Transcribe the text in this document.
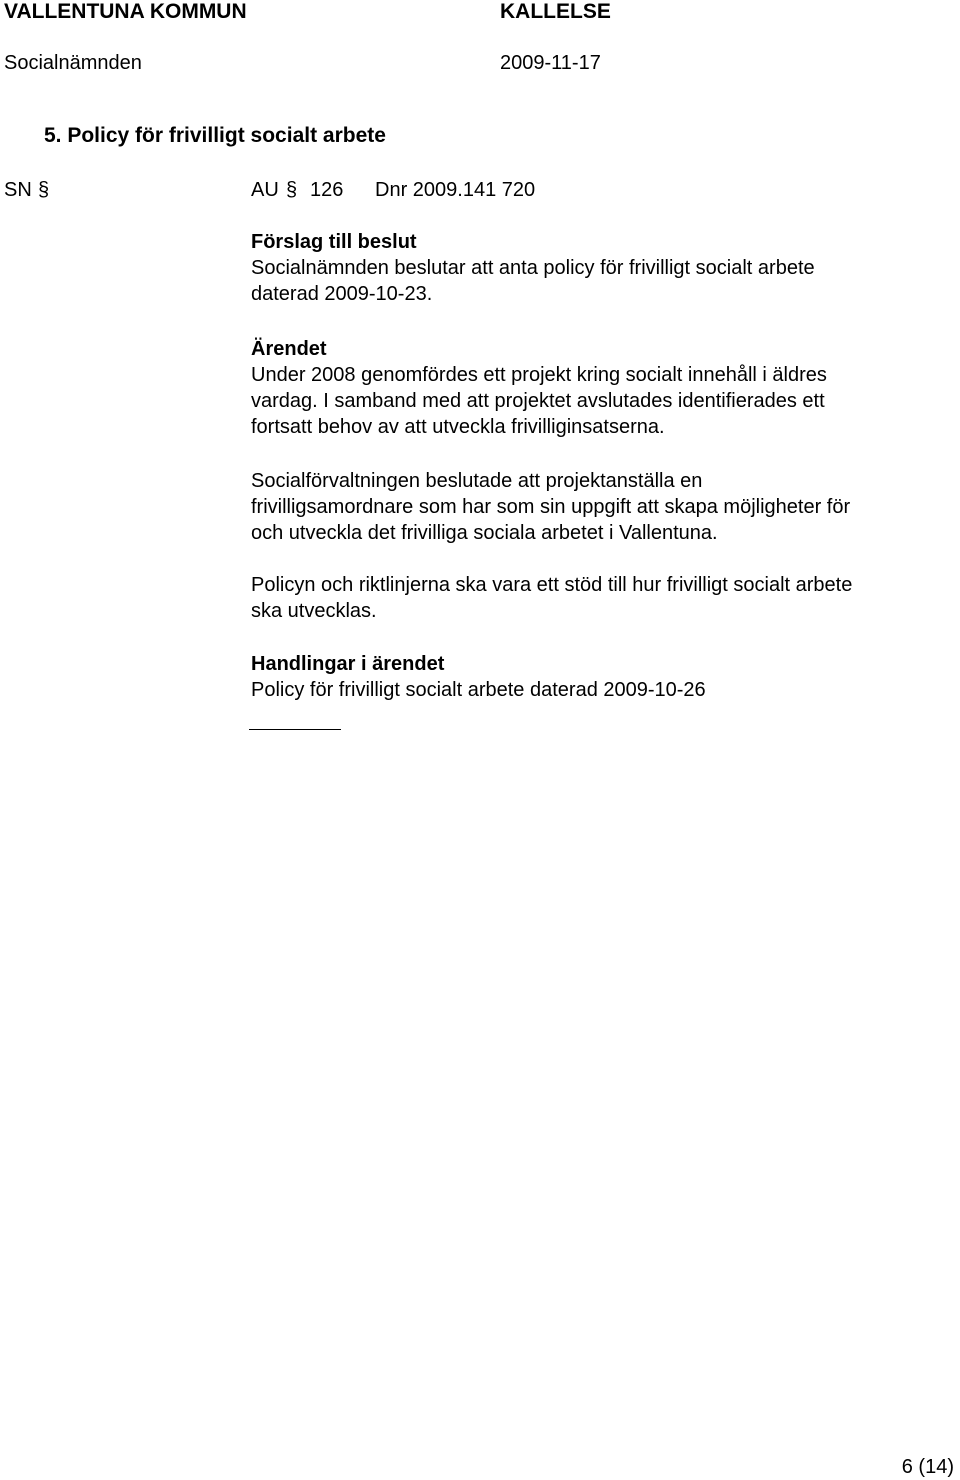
VALLENTUNA KOMMUN	KALLELSE
Socialnämnden	2009-11-17
5. Policy för frivilligt socialt arbete
SN §	AU § 126 Dnr 2009.141 720

Förslag till beslut

Socialnämnden beslutar att anta policy för frivilligt socialt arbete

daterad 2009-10-23.

Ärendet

Under 2008 genomfördes ett projekt kring socialt innehåll i äldres

vardag. I samband med att projektet avslutades identifierades ett

fortsatt behov av att utveckla frivilliginsatserna.

Socialförvaltningen beslutade att projektanställa en

frivilligsamordnare som har som sin uppgift att skapa möjligheter för

och utveckla det frivilliga sociala arbetet i Vallentuna.

Policyn och riktlinjerna ska vara ett stöd till hur frivilligt socialt arbete

ska utvecklas.

Handlingar i ärendet

Policy för frivilligt socialt arbete daterad 2009-10-26

6 (14)
